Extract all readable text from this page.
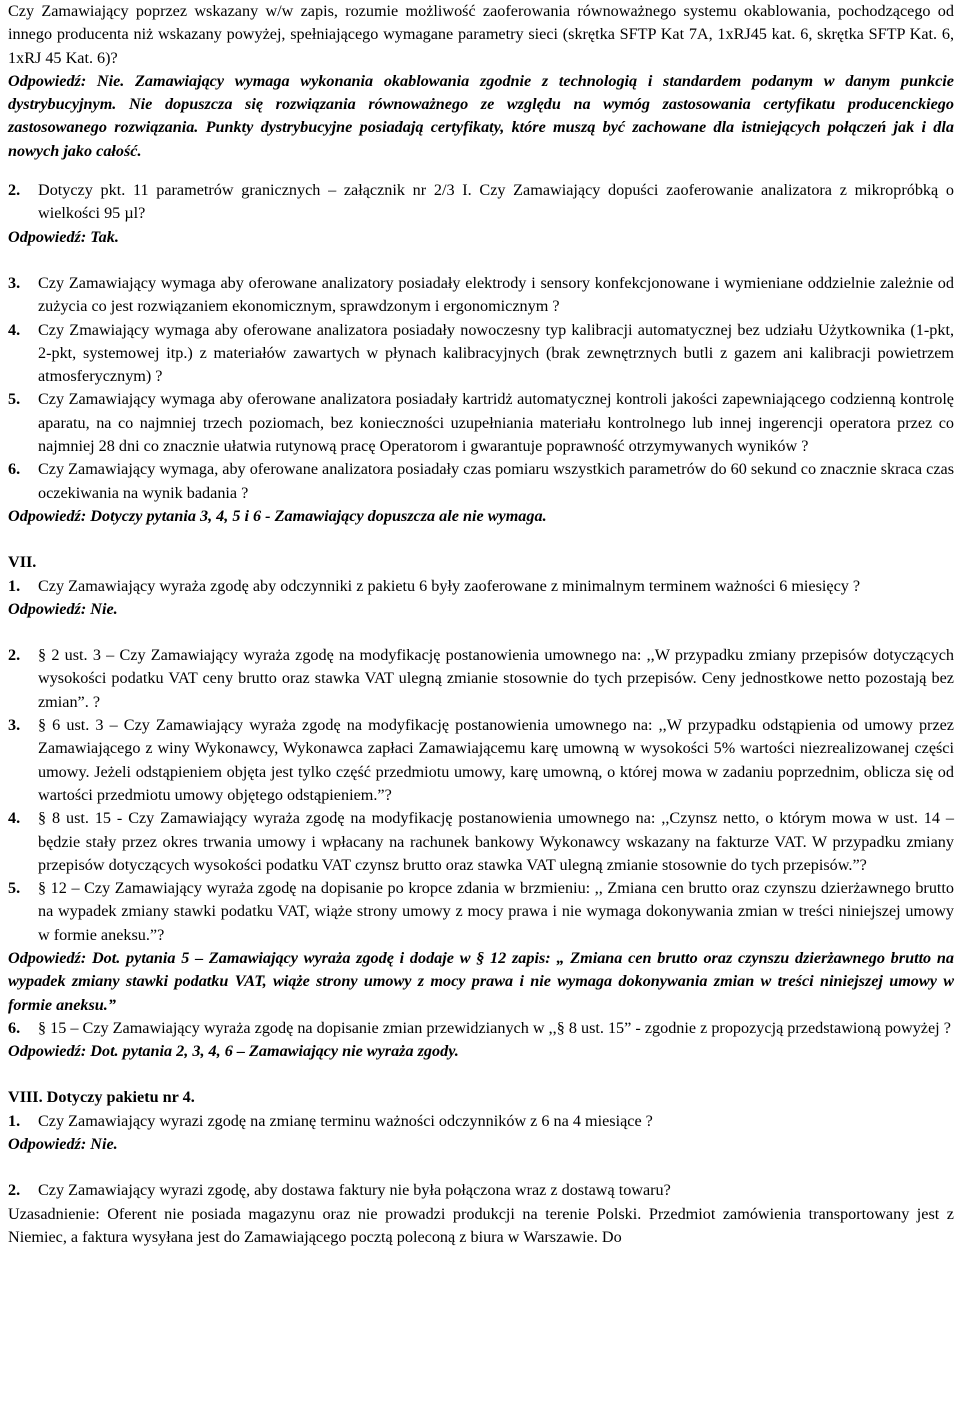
Czy Zamawiający poprzez wskazany w/w zapis, rozumie możliwość zaoferowania równoważnego systemu okablowania, pochodzącego od innego producenta niż wskazany powyżej, spełniającego wymagane parametry sieci (skrętka SFTP Kat 7A, 1xRJ45 kat. 6, skrętka SFTP Kat. 6, 1xRJ 45 Kat. 6)?

Odpowiedź: Nie. Zamawiający wymaga wykonania okablowania zgodnie z technologią i standardem podanym w danym punkcie dystrybucyjnym. Nie dopuszcza się rozwiązania równoważnego ze względu na wymóg zastosowania certyfikatu producenckiego zastosowanego rozwiązania. Punkty dystrybucyjne posiadają certyfikaty, które muszą być zachowane dla istniejących połączeń jak i dla nowych jako całość.

2.	Dotyczy pkt. 11 parametrów granicznych – załącznik nr 2/3 I. Czy Zamawiający dopuści zaoferowanie analizatora z mikropróbką o wielkości 95 µl?

Odpowiedź: Tak.

3.	Czy Zamawiający wymaga aby oferowane analizatory posiadały elektrody i sensory konfekcjonowane i wymieniane oddzielnie zależnie od zużycia co jest rozwiązaniem ekonomicznym, sprawdzonym i ergonomicznym ?
4.	Czy Zmawiający wymaga aby oferowane analizatora posiadały nowoczesny typ kalibracji automatycznej bez udziału Użytkownika (1-pkt, 2-pkt, systemowej itp.) z materiałów zawartych w płynach kalibracyjnych (brak zewnętrznych butli z gazem ani kalibracji powietrzem atmosferycznym) ?
5.	Czy Zamawiający wymaga aby oferowane analizatora posiadały kartridż automatycznej kontroli jakości zapewniającego codzienną kontrolę aparatu, na co najmniej trzech poziomach, bez konieczności uzupełniania materiału kontrolnego lub innej ingerencji operatora przez co najmniej 28 dni co znacznie ułatwia rutynową pracę Operatorom i gwarantuje poprawność otrzymywanych wyników ?
6.	Czy Zamawiający wymaga, aby oferowane analizatora posiadały czas pomiaru wszystkich parametrów do 60 sekund co znacznie skraca czas oczekiwania na wynik badania ?

Odpowiedź: Dotyczy pytania 3, 4, 5 i 6 - Zamawiający dopuszcza ale nie wymaga.

VII.

1.	Czy Zamawiający wyraża zgodę aby odczynniki z pakietu 6 były zaoferowane z minimalnym terminem ważności 6 miesięcy ?

Odpowiedź: Nie.

2.	§ 2 ust. 3 – Czy Zamawiający wyraża zgodę na modyfikację postanowienia umownego na: ,,W przypadku zmiany przepisów dotyczących wysokości podatku VAT ceny brutto oraz stawka VAT ulegną zmianie stosownie do tych przepisów. Ceny jednostkowe netto pozostają bez zmian”. ?
3.	§ 6 ust. 3 – Czy Zamawiający wyraża zgodę na modyfikację postanowienia umownego na: ,,W przypadku odstąpienia od umowy przez Zamawiającego z winy Wykonawcy, Wykonawca zapłaci Zamawiającemu karę umowną w wysokości 5% wartości niezrealizowanej części umowy. Jeżeli odstąpieniem objęta jest tylko część przedmiotu umowy, karę umowną, o której mowa w zadaniu poprzednim, oblicza się od wartości przedmiotu umowy objętego odstąpieniem.”?
4.	§ 8 ust. 15 - Czy Zamawiający wyraża zgodę na modyfikację postanowienia umownego na: ,,Czynsz netto, o którym mowa w ust. 14 – będzie stały przez okres trwania umowy i wpłacany na rachunek bankowy Wykonawcy wskazany na fakturze VAT. W przypadku zmiany przepisów dotyczących wysokości podatku VAT czynsz brutto oraz stawka VAT ulegną zmianie stosownie do tych przepisów.”?
5.	§ 12 – Czy Zamawiający wyraża zgodę na dopisanie po kropce zdania w brzmieniu: ,, Zmiana cen brutto oraz czynszu dzierżawnego brutto na wypadek zmiany stawki podatku VAT, wiąże strony umowy z mocy prawa i nie wymaga dokonywania zmian w treści niniejszej umowy w formie aneksu.”?

Odpowiedź: Dot. pytania 5 – Zamawiający wyraża zgodę i dodaje w § 12 zapis: „ Zmiana cen brutto oraz czynszu dzierżawnego brutto na wypadek zmiany stawki podatku VAT, wiąże strony umowy z mocy prawa i nie wymaga dokonywania zmian w treści niniejszej umowy w formie aneksu.”

6.	§ 15 – Czy Zamawiający wyraża zgodę na dopisanie zmian przewidzianych w ,,§ 8 ust. 15” - zgodnie z propozycją przedstawioną powyżej ?

Odpowiedź: Dot. pytania 2, 3, 4, 6 – Zamawiający nie wyraża zgody.

VIII. Dotyczy pakietu nr 4.

1.	Czy Zamawiający wyrazi zgodę na zmianę terminu ważności odczynników z 6 na 4 miesiące ?

Odpowiedź: Nie.

2.	Czy Zamawiający wyrazi zgodę, aby dostawa faktury nie była połączona wraz z dostawą towaru?

Uzasadnienie: Oferent nie posiada magazynu oraz nie prowadzi produkcji na terenie Polski. Przedmiot zamówienia transportowany jest z Niemiec, a faktura wysyłana jest do Zamawiającego pocztą poleconą z biura w Warszawie. Do
